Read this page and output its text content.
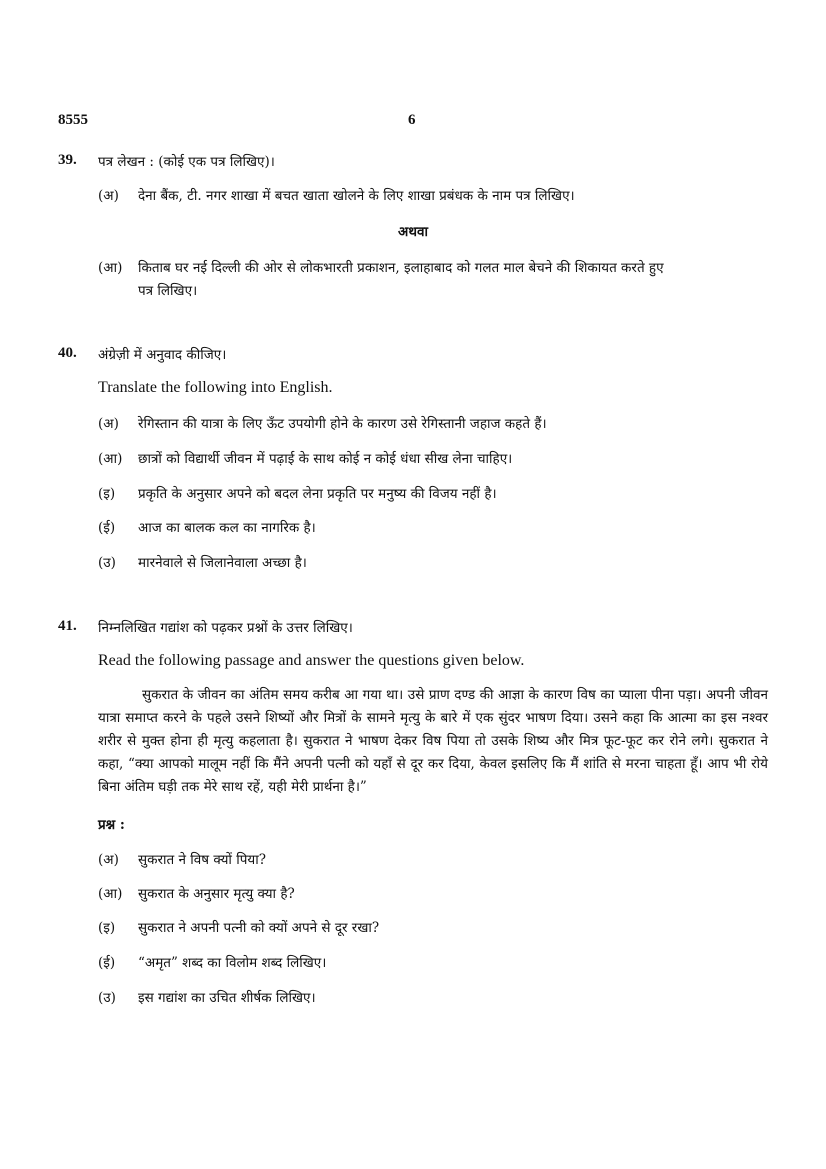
8555	6
39. पत्र लेखन : (कोई एक पत्र लिखिए)।
(अ) देना बैंक, टी. नगर शाखा में बचत खाता खोलने के लिए शाखा प्रबंधक के नाम पत्र लिखिए।
अथवा
(आ) किताब घर नई दिल्ली की ओर से लोकभारती प्रकाशन, इलाहाबाद को गलत माल बेचने की शिकायत करते हुए
पत्र लिखिए।
40. अंग्रेज़ी में अनुवाद कीजिए।
Translate the following into English.
(अ) रेगिस्तान की यात्रा के लिए ऊँट उपयोगी होने के कारण उसे रेगिस्तानी जहाज कहते हैं।
(आ) छात्रों को विद्यार्थी जीवन में पढ़ाई के साथ कोई न कोई धंधा सीख लेना चाहिए।
(इ) प्रकृति के अनुसार अपने को बदल लेना प्रकृति पर मनुष्य की विजय नहीं है।
(ई) आज का बालक कल का नागरिक है।
(उ) मारनेवाले से जिलानेवाला अच्छा है।
41. निम्नलिखित गद्यांश को पढ़कर प्रश्नों के उत्तर लिखिए।
Read the following passage and answer the questions given below.
सुकरात के जीवन का अंतिम समय करीब आ गया था। उसे प्राण दण्ड की आज्ञा के कारण विष का प्याला पीना पड़ा। अपनी जीवन यात्रा समाप्त करने के पहले उसने शिष्यों और मित्रों के सामने मृत्यु के बारे में एक सुंदर भाषण दिया। उसने कहा कि आत्मा का इस नश्वर शरीर से मुक्त होना ही मृत्यु कहलाता है। सुकरात ने भाषण देकर विष पिया तो उसके शिष्य और मित्र फूट-फूट कर रोने लगे। सुकरात ने कहा, “क्या आपको मालूम नहीं कि मैंने अपनी पत्नी को यहाँ से दूर कर दिया, केवल इसलिए कि मैं शांति से मरना चाहता हूँ। आप भी रोये बिना अंतिम घड़ी तक मेरे साथ रहें, यही मेरी प्रार्थना है।”
प्रश्न :
(अ) सुकरात ने विष क्यों पिया?
(आ) सुकरात के अनुसार मृत्यु क्या है?
(इ) सुकरात ने अपनी पत्नी को क्यों अपने से दूर रखा?
(ई) “अमृत” शब्द का विलोम शब्द लिखिए।
(उ) इस गद्यांश का उचित शीर्षक लिखिए।
